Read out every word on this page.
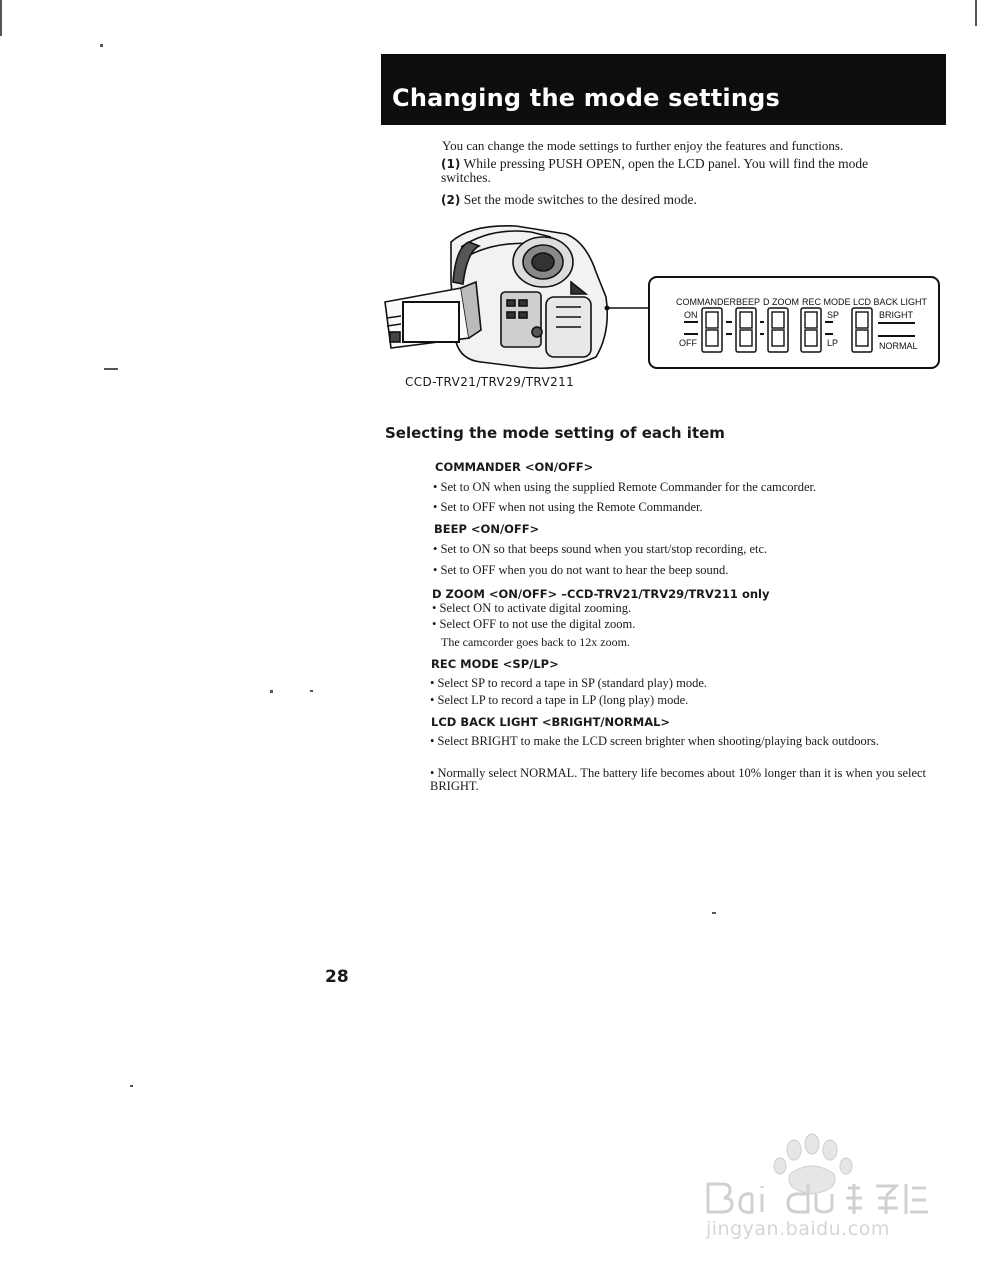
Changing the mode settings
You can change the mode settings to further enjoy the features and functions.
(1) While pressing PUSH OPEN, open the LCD panel. You will find the mode switches.
(2) Set the mode switches to the desired mode.
COMMANDER BEEP D ZOOM REC MODE LCD BACK LIGHT
ON
OFF
SP
LP
BRIGHT
NORMAL
CCD-TRV21/TRV29/TRV211
Selecting the mode setting of each item
COMMANDER <ON/OFF>
• Set to ON when using the supplied Remote Commander for the camcorder.
• Set to OFF when not using the Remote Commander.
BEEP <ON/OFF>
• Set to ON so that beeps sound when you start/stop recording, etc.
• Set to OFF when you do not want to hear the beep sound.
D ZOOM <ON/OFF> –CCD-TRV21/TRV29/TRV211 only
• Select ON to activate digital zooming.
• Select OFF to not use the digital zoom.
The camcorder goes back to 12x zoom.
REC MODE <SP/LP>
• Select SP to record a tape in SP (standard play) mode.
• Select LP to record a tape in LP (long play) mode.
LCD BACK LIGHT <BRIGHT/NORMAL>
• Select BRIGHT to make the LCD screen brighter when shooting/playing back outdoors.
• Normally select NORMAL. The battery life becomes about 10% longer than it is when you select BRIGHT.
28
jingyan.baidu.com
